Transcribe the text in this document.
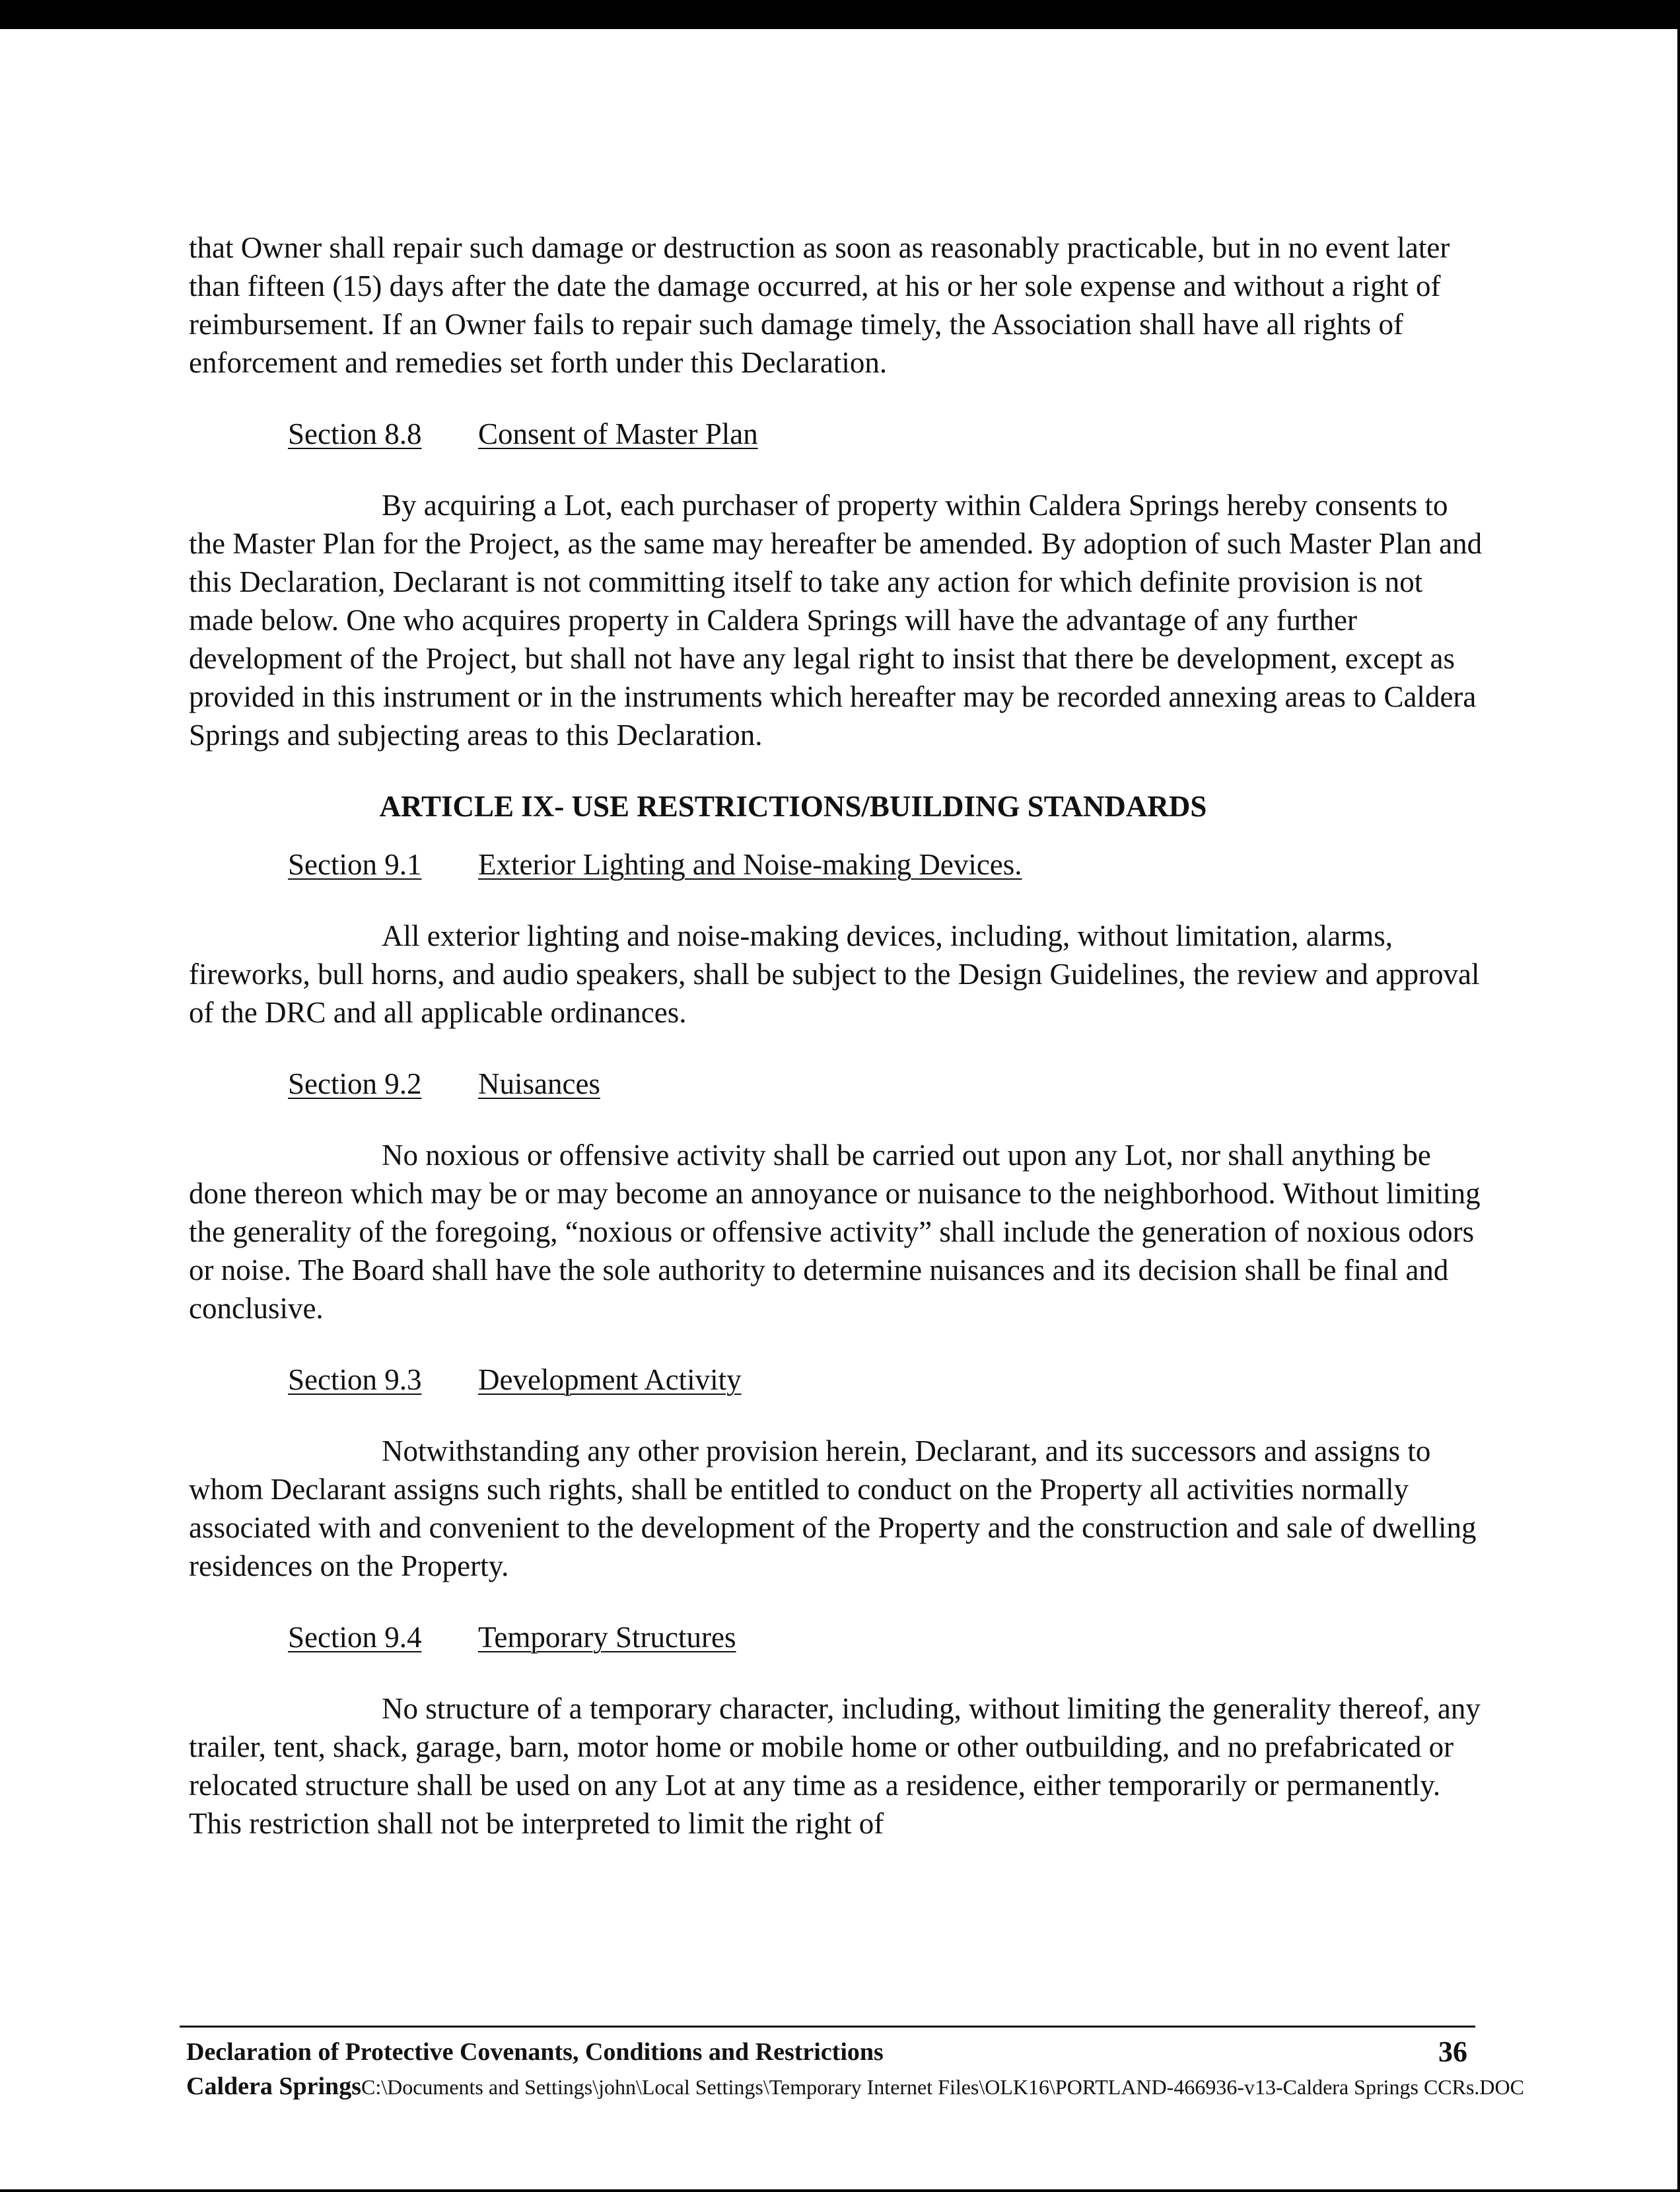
that Owner shall repair such damage or destruction as soon as reasonably practicable, but in no event later than fifteen (15) days after the date the damage occurred, at his or her sole expense and without a right of reimbursement. If an Owner fails to repair such damage timely, the Association shall have all rights of enforcement and remedies set forth under this Declaration.

Section 8.8 Consent of Master Plan

By acquiring a Lot, each purchaser of property within Caldera Springs hereby consents to the Master Plan for the Project, as the same may hereafter be amended. By adoption of such Master Plan and this Declaration, Declarant is not committing itself to take any action for which definite provision is not made below. One who acquires property in Caldera Springs will have the advantage of any further development of the Project, but shall not have any legal right to insist that there be development, except as provided in this instrument or in the instruments which hereafter may be recorded annexing areas to Caldera Springs and subjecting areas to this Declaration.

ARTICLE IX- USE RESTRICTIONS/BUILDING STANDARDS
Section 9.1 Exterior Lighting and Noise-making Devices.

All exterior lighting and noise-making devices, including, without limitation, alarms, fireworks, bull horns, and audio speakers, shall be subject to the Design Guidelines, the review and approval of the DRC and all applicable ordinances.

Section 9.2 Nuisances

No noxious or offensive activity shall be carried out upon any Lot, nor shall anything be done thereon which may be or may become an annoyance or nuisance to the neighborhood. Without limiting the generality of the foregoing, “noxious or offensive activity” shall include the generation of noxious odors or noise. The Board shall have the sole authority to determine nuisances and its decision shall be final and conclusive.

Section 9.3 Development Activity

Notwithstanding any other provision herein, Declarant, and its successors and assigns to whom Declarant assigns such rights, shall be entitled to conduct on the Property all activities normally associated with and convenient to the development of the Property and the construction and sale of dwelling residences on the Property.

Section 9.4 Temporary Structures

No structure of a temporary character, including, without limiting the generality thereof, any trailer, tent, shack, garage, barn, motor home or mobile home or other outbuilding, and no prefabricated or relocated structure shall be used on any Lot at any time as a residence, either temporarily or permanently. This restriction shall not be interpreted to limit the right of

Declaration of Protective Covenants, Conditions and Restrictions	36
Caldera SpringsC:\Documents and Settings\john\Local Settings\Temporary Internet Files\OLK16\PORTLAND-466936-v13-Caldera Springs CCRs.DOC
